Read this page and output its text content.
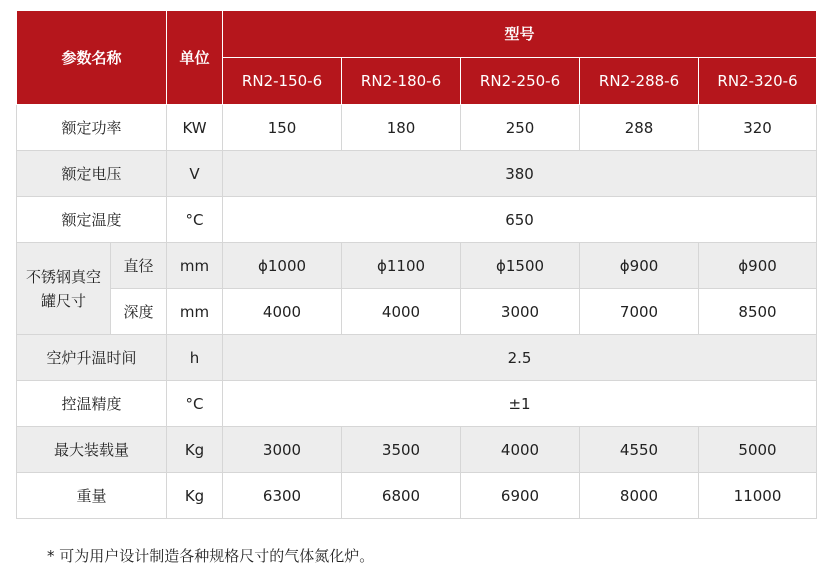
参数名称		单位	型号				
			RN2-150-6	RN2-180-6	RN2-250-6	RN2-288-6	RN2-320-6
额定功率		KW	150	180	250	288	320
额定电压		V	380				
额定温度		°C	650				
不锈钢真空罐尺寸	直径	mm	ϕ1000	ϕ1100	ϕ1500	ϕ900	ϕ900
	深度	mm	4000	4000	3000	7000	8500
空炉升温时间		h	2.5				
控温精度		°C	±1				
最大装载量		Kg	3000	3500	4000	4550	5000
重量		Kg	6300	6800	6900	8000	11000
* 可为用户设计制造各种规格尺寸的气体氮化炉。
